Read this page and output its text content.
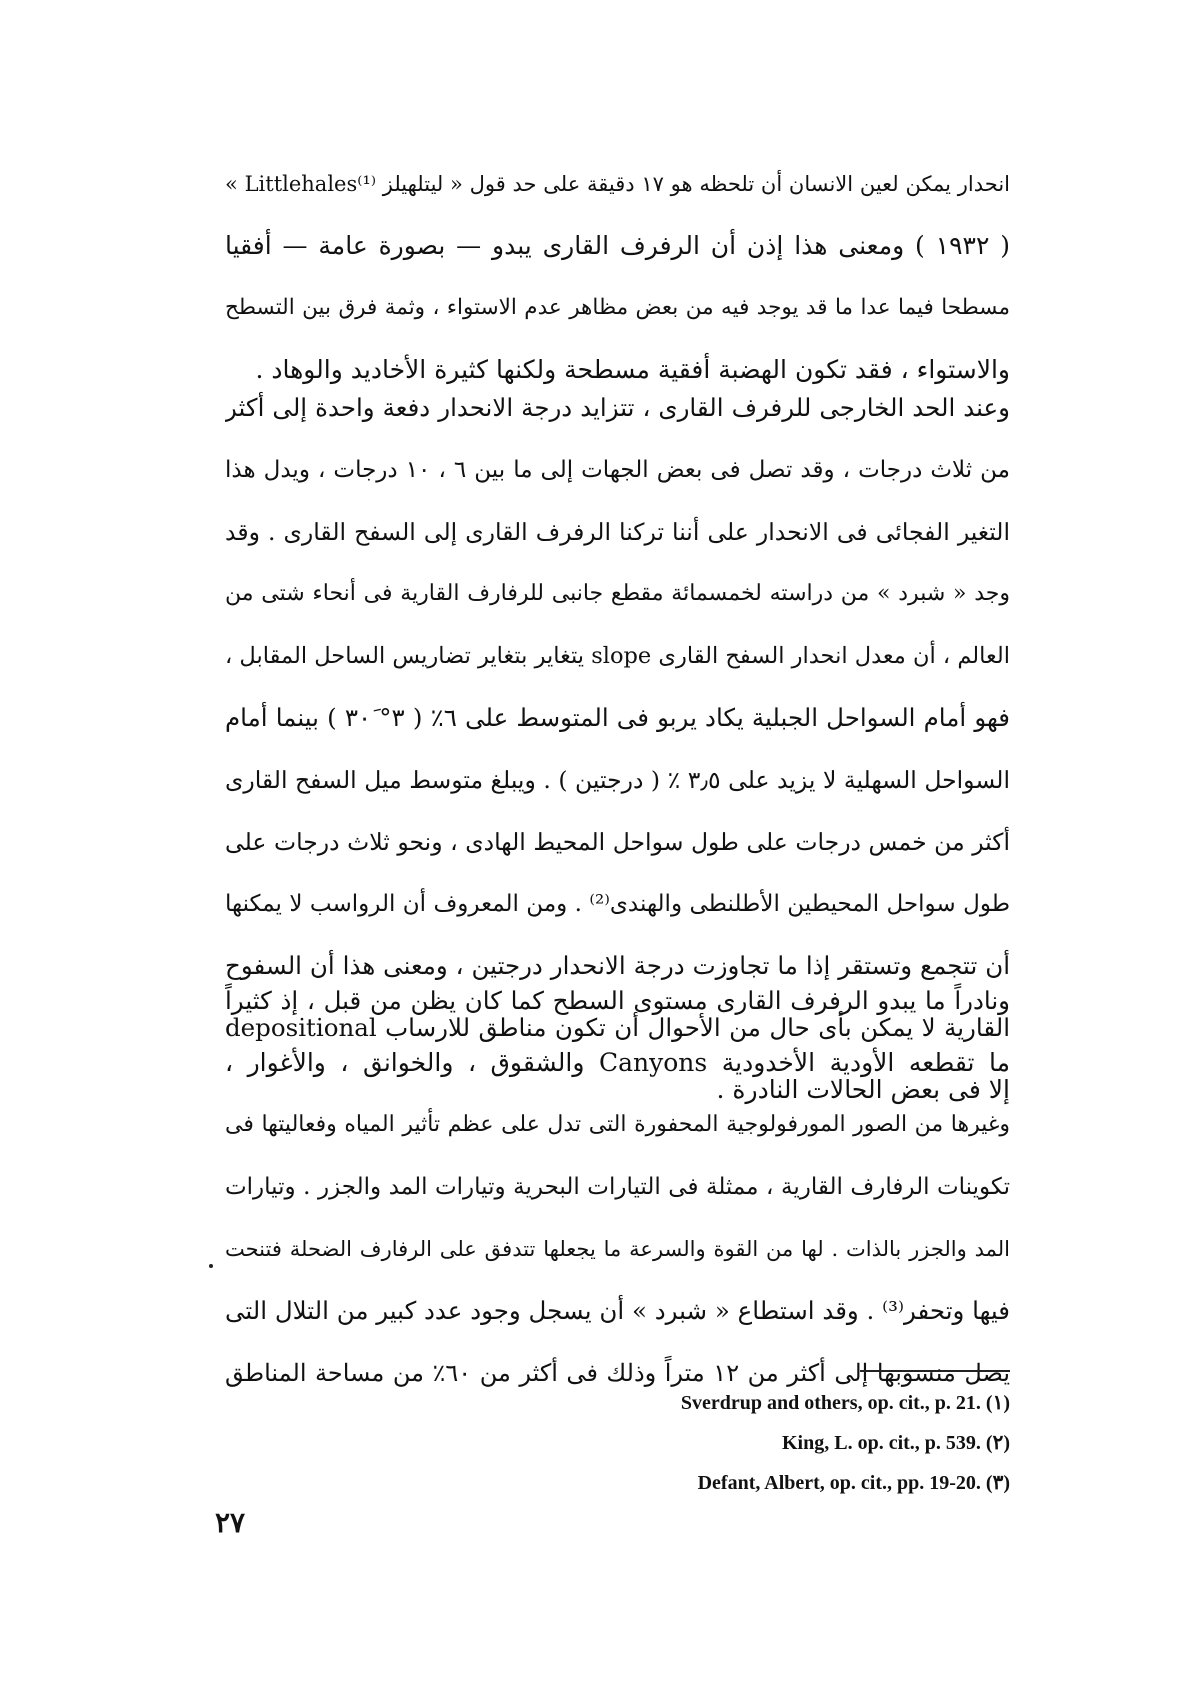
انحدار يمكن لعين الانسان أن تلحظه هو ١٧ دقيقة على حد قول « ليتلهيلز Littlehales⁽¹⁾ »
( ١٩٣٢ ) ومعنى هذا إذن أن الرفرف القارى يبدو — بصورة عامة — أفقيا
مسطحا فيما عدا ما قد يوجد فيه من بعض مظاهر عدم الاستواء ، وثمة فرق بين التسطح
والاستواء ، فقد تكون الهضبة أفقية مسطحة ولكنها كثيرة الأخاديد والوهاد .
وعند الحد الخارجى للرفرف القارى ، تتزايد درجة الانحدار دفعة واحدة إلى أكثر
من ثلاث درجات ، وقد تصل فى بعض الجهات إلى ما بين ٦ ، ١٠ درجات ، ويدل هذا
التغير الفجائى فى الانحدار على أننا تركنا الرفرف القارى إلى السفح القارى . وقد
وجد « شبرد » من دراسته لخمسمائة مقطع جانبى للرفارف القارية فى أنحاء شتى من
العالم ، أن معدل انحدار السفح القارى slope يتغاير بتغاير تضاريس الساحل المقابل ،
فهو أمام السواحل الجبلية يكاد يربو فى المتوسط على ٦٪ ( ٣° ٣٠َ ) بينما أمام
السواحل السهلية لا يزيد على ٣٫٥ ٪ ( درجتين ) . ويبلغ متوسط ميل السفح القارى
أكثر من خمس درجات على طول سواحل المحيط الهادى ، ونحو ثلاث درجات على
طول سواحل المحيطين الأطلنطى والهندى⁽²⁾ . ومن المعروف أن الرواسب لا يمكنها
أن تتجمع وتستقر إذا ما تجاوزت درجة الانحدار درجتين ، ومعنى هذا أن السفوح
القارية لا يمكن بأى حال من الأحوال أن تكون مناطق للارساب depositional
إلا فى بعض الحالات النادرة .
ونادراً ما يبدو الرفرف القارى مستوى السطح كما كان يظن من قبل ، إذ كثيراً
ما تقطعه الأودية الأخدودية Canyons والشقوق ، والخوانق ، والأغوار ،
وغيرها من الصور المورفولوجية المحفورة التى تدل على عظم تأثير المياه وفعاليتها فى
تكوينات الرفارف القارية ، ممثلة فى التيارات البحرية وتيارات المد والجزر . وتيارات
المد والجزر بالذات . لها من القوة والسرعة ما يجعلها تتدفق على الرفارف الضحلة فتنحت
فيها وتحفر⁽³⁾ . وقد استطاع « شبرد » أن يسجل وجود عدد كبير من التلال التى
يصل منسوبها إلى أكثر من ١٢ متراً وذلك فى أكثر من ٦٠٪ من مساحة المناطق
Sverdrup and others, op. cit., p. 21. (١)
King, L. op. cit., p. 539. (٢)
Defant, Albert, op. cit., pp. 19-20. (٣)
٢٧
